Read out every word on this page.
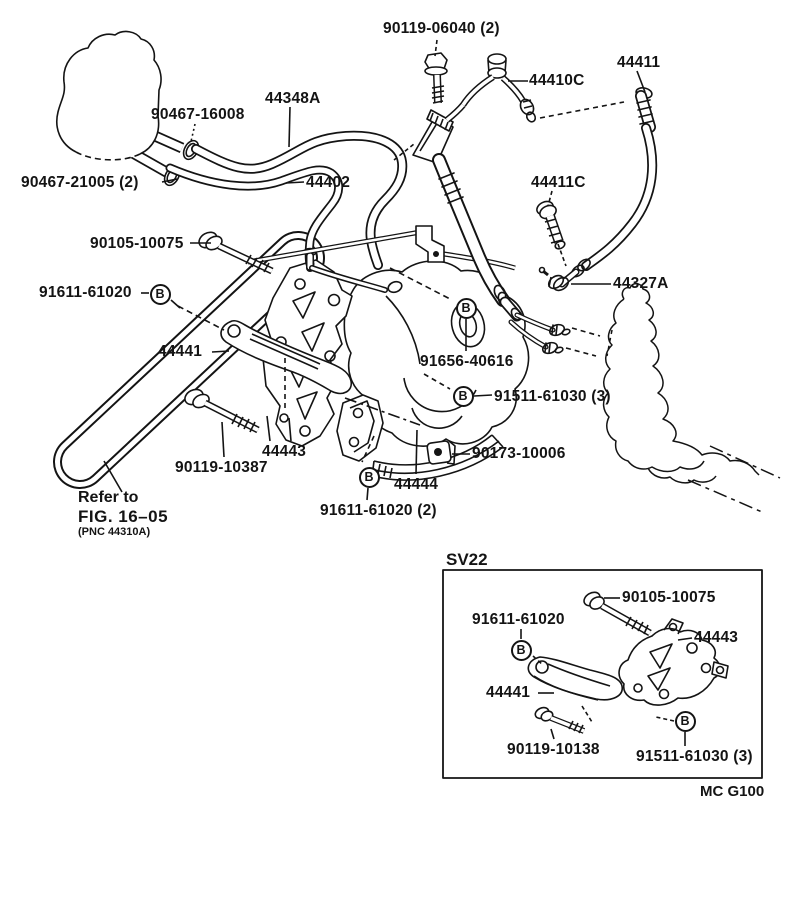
90119-06040 (2)
44410C
44411
90467-16008
44348A
90467-21005 (2)	44402
90105-10075
91611-61020	B
44441
44411C
44327A
91656-40616
B
91511-61030 (3)
B
90119-10387
44443	90173-10006
44444
91611-61020 (2)
B
90105-10075
91611-61020
B
44443
44441
90119-10138 91511-61030 (3)
B
Refer to
FIG. 16–05
(PNC 44310A)
SV22
MC G100
